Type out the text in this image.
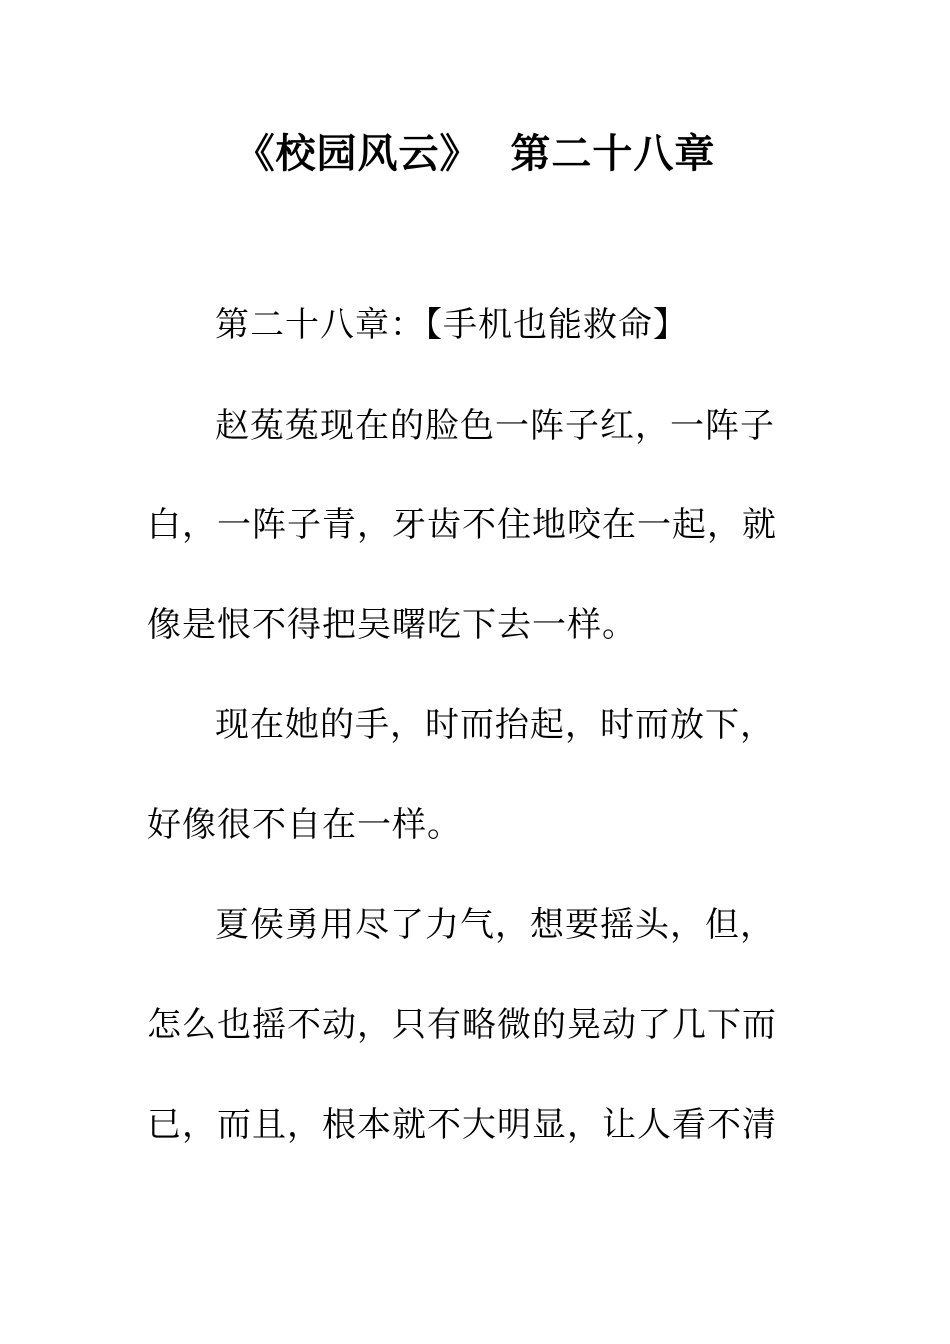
《校园风云》  第二十八章
第二十八章：【手机也能救命】
赵菟菟现在的脸色一阵子红，一阵子
白，一阵子青，牙齿不住地咬在一起，就
像是恨不得把吴曙吃下去一样。
现在她的手，时而抬起，时而放下，
好像很不自在一样。
夏侯勇用尽了力气，想要摇头，但，
怎么也摇不动，只有略微的晃动了几下而
已，而且，根本就不大明显，让人看不清
